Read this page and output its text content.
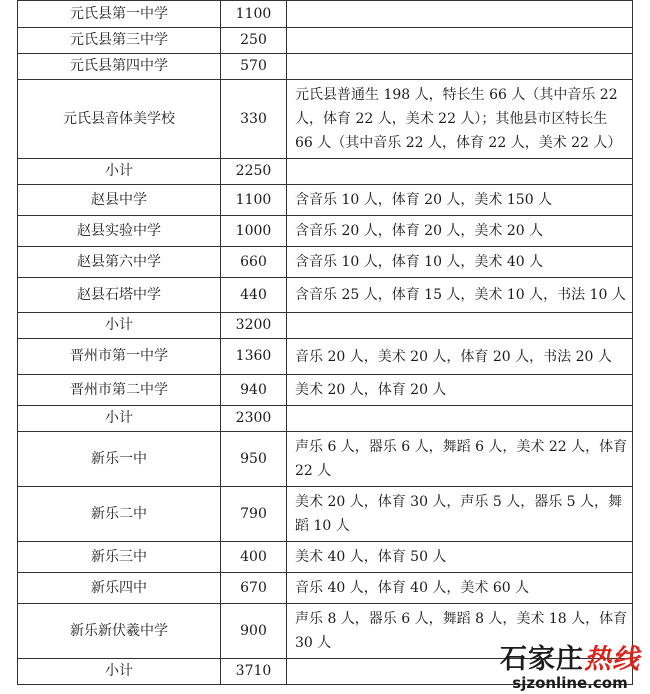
元氏县第一中学	1100	
元氏县第三中学	250	
元氏县第四中学	570	
元氏县音体美学校	330	元氏县普通生 198 人，特长生 66 人（其中音乐 22 人，体育 22 人，美术 22 人）；其他县市区特长生 66 人（其中音乐 22 人，体育 22 人，美术 22 人）
小计	2250	
赵县中学	1100	含音乐 10 人，体育 20 人，美术 150 人
赵县实验中学	1000	含音乐 20 人，体育 20 人，美术 20 人
赵县第六中学	660	含音乐 10 人，体育 10 人，美术 40 人
赵县石塔中学	440	含音乐 25 人，体育 15 人，美术 10 人，书法 10 人
小计	3200	
晋州市第一中学	1360	音乐 20 人，美术 20 人，体育 20 人，书法 20 人
晋州市第二中学	940	美术 20 人，体育 20 人
小计	2300	
新乐一中	950	声乐 6 人，器乐 6 人，舞蹈 6 人，美术 22 人，体育 22 人
新乐二中	790	美术 20 人，体育 30 人，声乐 5 人，器乐 5 人，舞蹈 10 人
新乐三中	400	美术 40 人，体育 50 人
新乐四中	670	音乐 40 人，体育 40 人，美术 60 人
新乐新伏羲中学	900	声乐 8 人，器乐 6 人，舞蹈 8 人，美术 18 人，体育 30 人
小计	3710		石家庄热线
sjzonline.com
